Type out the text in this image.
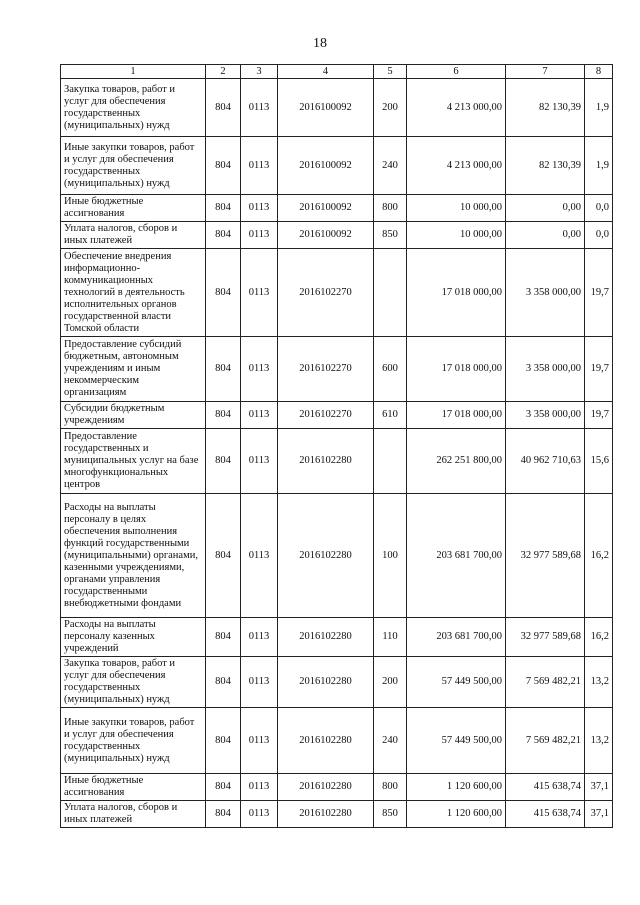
18
1	2	3	4	5	6	7	8
Закупка товаров, работ и услуг для обеспечения государственных (муниципальных) нужд	804	0113	2016100092	200	4 213 000,00	82 130,39	1,9
Иные закупки товаров, работ и услуг для обеспечения государственных (муниципальных) нужд	804	0113	2016100092	240	4 213 000,00	82 130,39	1,9
Иные бюджетные ассигнования	804	0113	2016100092	800	10 000,00	0,00	0,0
Уплата налогов, сборов и иных платежей	804	0113	2016100092	850	10 000,00	0,00	0,0
Обеспечение внедрения информационно-коммуникационных технологий в деятельность исполнительных органов государственной власти Томской области	804	0113	2016102270		17 018 000,00	3 358 000,00	19,7
Предоставление субсидий бюджетным, автономным учреждениям и иным некоммерческим организациям	804	0113	2016102270	600	17 018 000,00	3 358 000,00	19,7
Субсидии бюджетным учреждениям	804	0113	2016102270	610	17 018 000,00	3 358 000,00	19,7
Предоставление государственных и муниципальных услуг на базе многофункциональных центров	804	0113	2016102280		262 251 800,00	40 962 710,63	15,6
Расходы на выплаты персоналу в целях обеспечения выполнения функций государственными (муниципальными) органами, казенными учреждениями, органами управления государственными внебюджетными фондами	804	0113	2016102280	100	203 681 700,00	32 977 589,68	16,2
Расходы на выплаты персоналу казенных учреждений	804	0113	2016102280	110	203 681 700,00	32 977 589,68	16,2
Закупка товаров, работ и услуг для обеспечения государственных (муниципальных) нужд	804	0113	2016102280	200	57 449 500,00	7 569 482,21	13,2
Иные закупки товаров, работ и услуг для обеспечения государственных (муниципальных) нужд	804	0113	2016102280	240	57 449 500,00	7 569 482,21	13,2
Иные бюджетные ассигнования	804	0113	2016102280	800	1 120 600,00	415 638,74	37,1
Уплата налогов, сборов и иных платежей	804	0113	2016102280	850	1 120 600,00	415 638,74	37,1
